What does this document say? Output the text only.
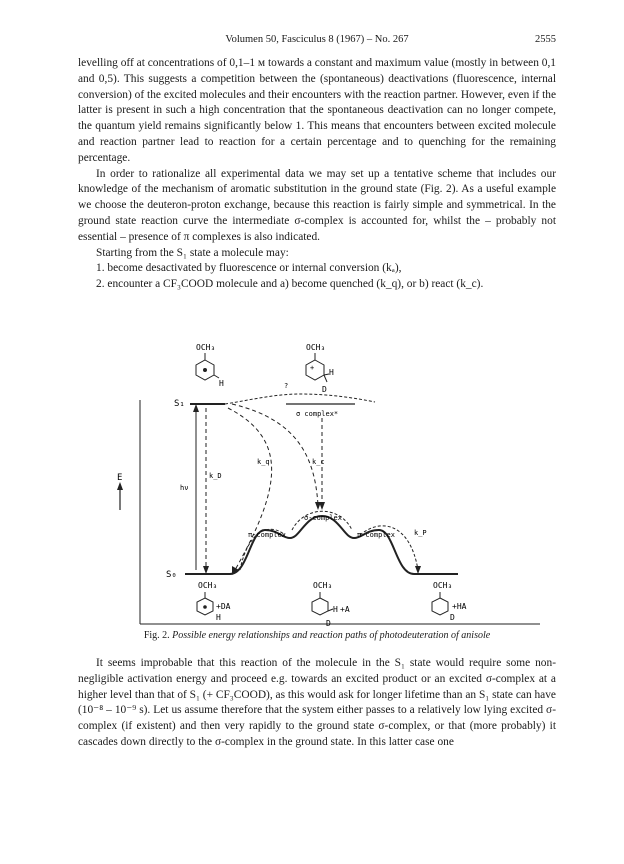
Volumen 50, Fasciculus 8 (1967) – No. 267	2555

levelling off at concentrations of 0,1–1 м towards a constant and maximum value (mostly in between 0,1 and 0,5). This suggests a competition between the (spontaneous) deactivations (fluorescence, internal conversion) of the excited molecules and their encounters with the reaction partner. However, even if the latter is present in such a high concentration that the spontaneous deactivation can no longer compete, the quantum yield remains significantly below 1. This means that encounters between excited molecule and reaction partner lead to reaction for a certain percentage and to quenching for the remaining percentage.

In order to rationalize all experimental data we may set up a tentative scheme that includes our knowledge of the mechanism of aromatic substitution in the ground state (Fig. 2). As a useful example we choose the deuteron-proton exchange, because this reaction is fairly simple and symmetrical. In the ground state reaction curve the intermediate σ-complex is accounted for, whilst the – probably not essential – presence of π complexes is also indicated.

Starting from the S₁ state a molecule may:

1. become desactivated by fluorescence or internal conversion (kₐ),

2. encounter a CF₃COOD molecule and a) become quenched (k_q), or b) react (k_c).

OCH₃
H
+
OCH₃
H
D
E
S₁
?
σ complex*
hν
k_D
k_q	k_c
S₀
π-complex
σ-complex
π-complex	k_P
OCH₃
H
+DA
OCH₃
H
D
+A
OCH₃
D
+HA
Fig. 2. Possible energy relationships and reaction paths of photodeuteration of anisole

It seems improbable that this reaction of the molecule in the S₁ state would require some non-negligible activation energy and proceed e.g. towards an excited product or an excited σ-complex at a higher level than that of S₁ (+ CF₃COOD), as this would ask for longer lifetime than an S₁ state can have (10⁻⁸ – 10⁻⁹ s). Let us assume therefore that the system either passes to a relatively low lying excited σ-complex (if existent) and then very rapidly to the ground state σ-complex, or that (more probably) it cascades down directly to the σ-complex in the ground state. In this latter case one
